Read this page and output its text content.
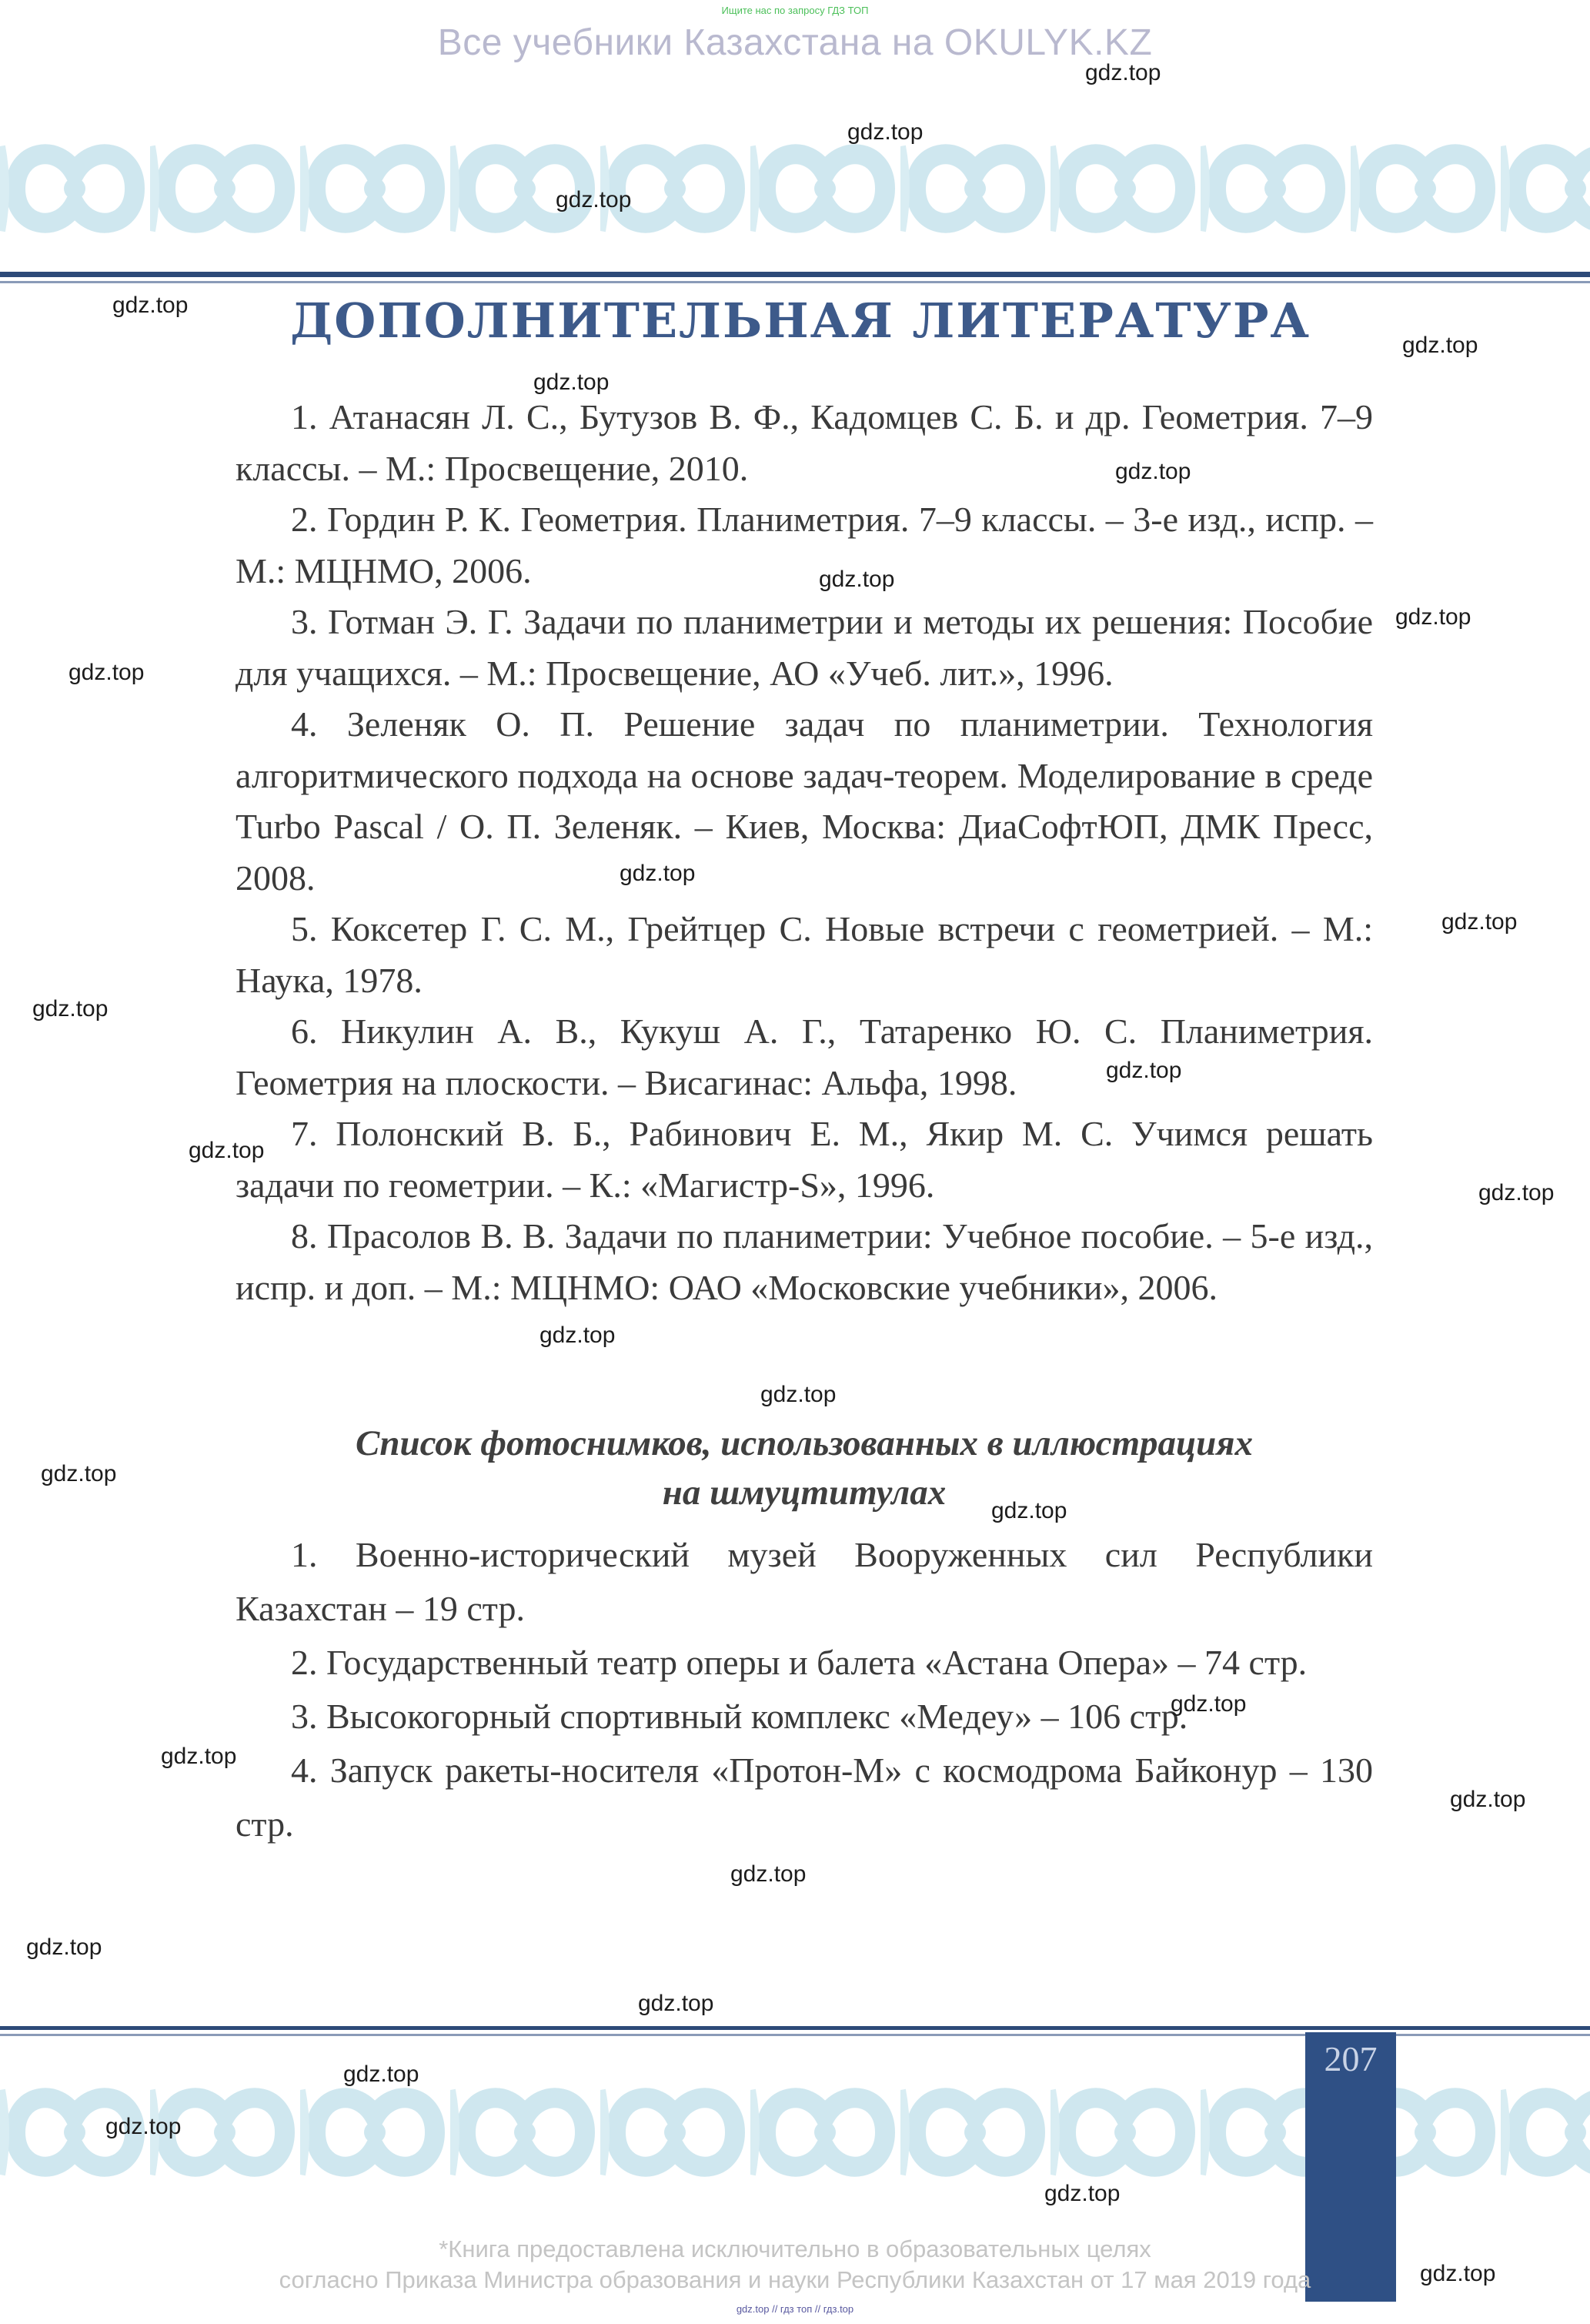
Ищите нас по запросу ГДЗ ТОП
Все учебники Казахстана на OKULYK.KZ
ДОПОЛНИТЕЛЬНАЯ ЛИТЕРАТУРА

1. Атанасян Л. С., Бутузов В. Ф., Кадомцев С. Б. и др. Геометрия. 7–9 классы. – М.: Просвещение, 2010.

2. Гордин Р. К. Геометрия. Планиметрия. 7–9 классы. – 3-е изд., испр. – М.: МЦНМО, 2006.

3. Готман Э. Г. Задачи по планиметрии и методы их решения: Пособие для учащихся. – М.: Просвещение, АО «Учеб. лит.», 1996.

4. Зеленяк О. П. Решение задач по планиметрии. Технология алгоритмического подхода на основе задач-теорем. Моделирование в среде Turbo Pascal / О. П. Зеленяк. – Киев, Москва: ДиаСофтЮП, ДМК Пресс, 2008.

5. Коксетер Г. С. М., Грейтцер С. Новые встречи с геометрией. – М.: Наука, 1978.

6. Никулин А. В., Кукуш А. Г., Татаренко Ю. С. Планиметрия. Геометрия на плоскости. – Висагинас: Альфа, 1998.

7. Полонский В. Б., Рабинович Е. М., Якир М. С. Учимся решать задачи по геометрии. – К.: «Магистр-S», 1996.

8. Прасолов В. В. Задачи по планиметрии: Учебное пособие. – 5-е изд., испр. и доп. – М.: МЦНМО: ОАО «Московские учебники», 2006.

Список фотоснимков, использованных в иллюстрациях
на шмуцтитулах

1. Военно-исторический музей Вооруженных сил Республики Казахстан – 19 стр.

2. Государственный театр оперы и балета «Астана Опера» – 74 стр.

3. Высокогорный спортивный комплекс «Медеу» – 106 стр.

4. Запуск ракеты-носителя «Протон-М» с космодрома Байконур – 130 стр.

207
*Книга предоставлена исключительно в образовательных целях
согласно Приказа Министра образования и науки Республики Казахстан от 17 мая 2019 года
gdz.top // гдз топ // гдз.top
gdz.top
gdz.top
gdz.top
gdz.top
gdz.top
gdz.top
gdz.top
gdz.top
gdz.top
gdz.top
gdz.top
gdz.top
gdz.top
gdz.top
gdz.top
gdz.top
gdz.top
gdz.top
gdz.top
gdz.top
gdz.top
gdz.top
gdz.top
gdz.top
gdz.top
gdz.top
gdz.top
gdz.top
gdz.top
gdz.top
